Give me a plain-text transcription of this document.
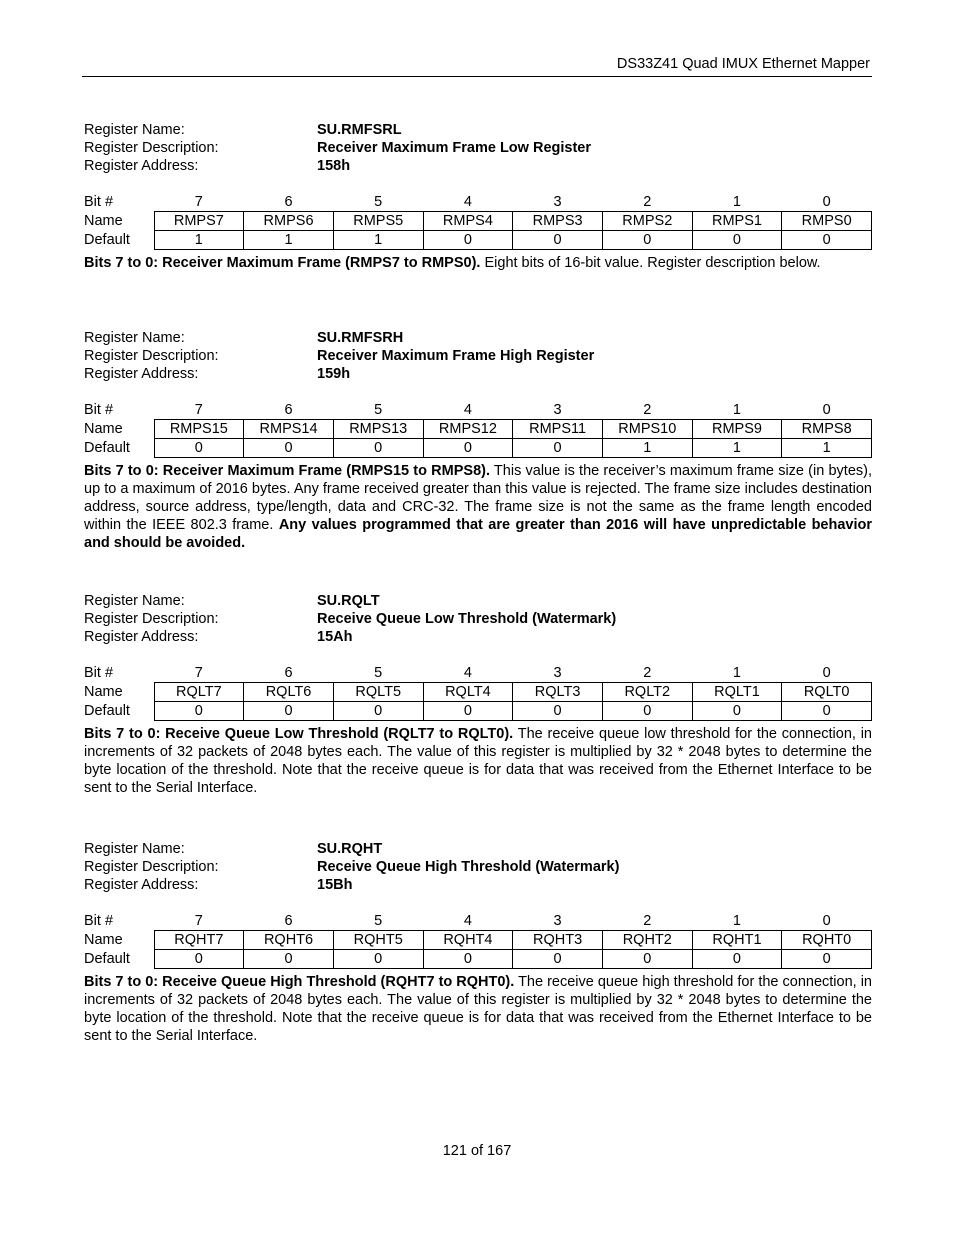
DS33Z41 Quad IMUX Ethernet Mapper
Register Name:	SU.RMFSRL
Register Description:	Receiver Maximum Frame Low Register
Register Address:	158h
Bit #	7	6	5	4	3	2	1	0
Name	RMPS7	RMPS6	RMPS5	RMPS4	RMPS3	RMPS2	RMPS1	RMPS0
Default	1	1	1	0	0	0	0	0
Bits 7 to 0: Receiver Maximum Frame (RMPS7 to RMPS0). Eight bits of 16-bit value. Register description below.
Register Name:	SU.RMFSRH
Register Description:	Receiver Maximum Frame High Register
Register Address:	159h
Bit #	7	6	5	4	3	2	1	0
Name	RMPS15	RMPS14	RMPS13	RMPS12	RMPS11	RMPS10	RMPS9	RMPS8
Default	0	0	0	0	0	1	1	1
Bits 7 to 0: Receiver Maximum Frame (RMPS15 to RMPS8). This value is the receiver’s maximum frame size (in bytes), up to a maximum of 2016 bytes. Any frame received greater than this value is rejected. The frame size includes destination address, source address, type/length, data and CRC-32. The frame size is not the same as the frame length encoded within the IEEE 802.3 frame. Any values programmed that are greater than 2016 will have unpredictable behavior and should be avoided.
Register Name:	SU.RQLT
Register Description:	Receive Queue Low Threshold (Watermark)
Register Address:	15Ah
Bit #	7	6	5	4	3	2	1	0
Name	RQLT7	RQLT6	RQLT5	RQLT4	RQLT3	RQLT2	RQLT1	RQLT0
Default	0	0	0	0	0	0	0	0
Bits 7 to 0: Receive Queue Low Threshold (RQLT7 to RQLT0). The receive queue low threshold for the connection, in increments of 32 packets of 2048 bytes each. The value of this register is multiplied by 32 * 2048 bytes to determine the byte location of the threshold. Note that the receive queue is for data that was received from the Ethernet Interface to be sent to the Serial Interface.
Register Name:	SU.RQHT
Register Description:	Receive Queue High Threshold (Watermark)
Register Address:	15Bh
Bit #	7	6	5	4	3	2	1	0
Name	RQHT7	RQHT6	RQHT5	RQHT4	RQHT3	RQHT2	RQHT1	RQHT0
Default	0	0	0	0	0	0	0	0
Bits 7 to 0: Receive Queue High Threshold (RQHT7 to RQHT0). The receive queue high threshold for the connection, in increments of 32 packets of 2048 bytes each. The value of this register is multiplied by 32 * 2048 bytes to determine the byte location of the threshold. Note that the receive queue is for data that was received from the Ethernet Interface to be sent to the Serial Interface.
121 of 167
